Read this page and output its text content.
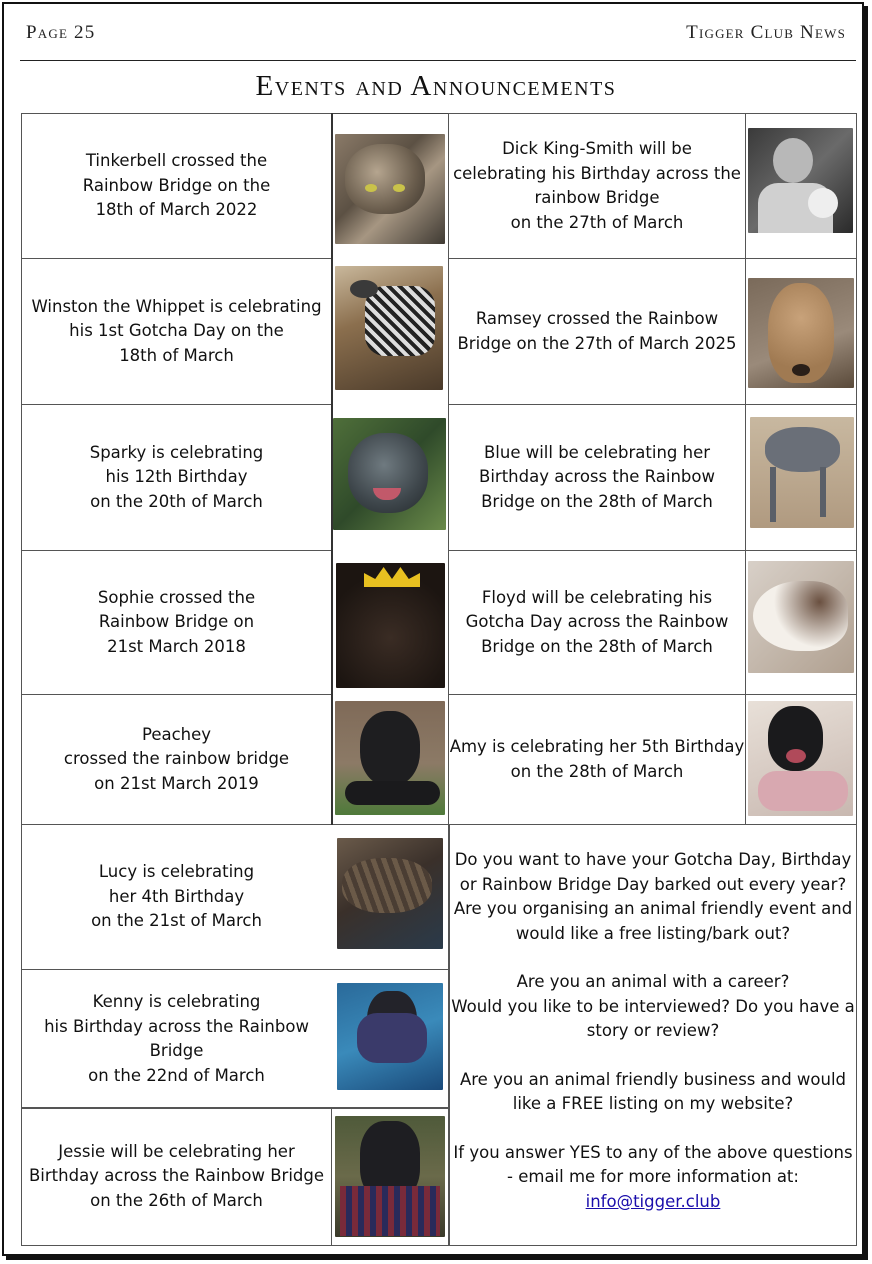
Page 25	Tigger Club News
Events and Announcements
Tinkerbell crossed the
Rainbow Bridge on the
18th of March 2022
Winston the Whippet is celebrating
his 1st Gotcha Day on the
18th of March
Sparky is celebrating
his 12th Birthday
on the 20th of March
Sophie crossed the
Rainbow Bridge on
21st March 2018
Peachey
crossed the rainbow bridge
on 21st March 2019
Lucy is celebrating
her 4th Birthday
on the 21st of March
Kenny is celebrating
his Birthday across the Rainbow
Bridge
on the 22nd of March
Jessie will be celebrating her
Birthday across the Rainbow Bridge
on the 26th of March
Dick King-Smith will be
celebrating his Birthday across the
rainbow Bridge
on the 27th of March
Ramsey crossed the Rainbow
Bridge on the 27th of March 2025
Blue will be celebrating her
Birthday across the Rainbow
Bridge on the 28th of March
Floyd will be celebrating his
Gotcha Day across the Rainbow
Bridge on the 28th of March
Amy is celebrating her 5th Birthday
on the 28th of March

Do you want to have your Gotcha Day, Birthday
or Rainbow Bridge Day barked out every year?
Are you organising an animal friendly event and
would like a free listing/bark out?

Are you an animal with a career?
Would you like to be interviewed? Do you have a
story or review?

Are you an animal friendly business and would
like a FREE listing on my website?

If you answer YES to any of the above questions
- email me for more information at:

info@tigger.club
